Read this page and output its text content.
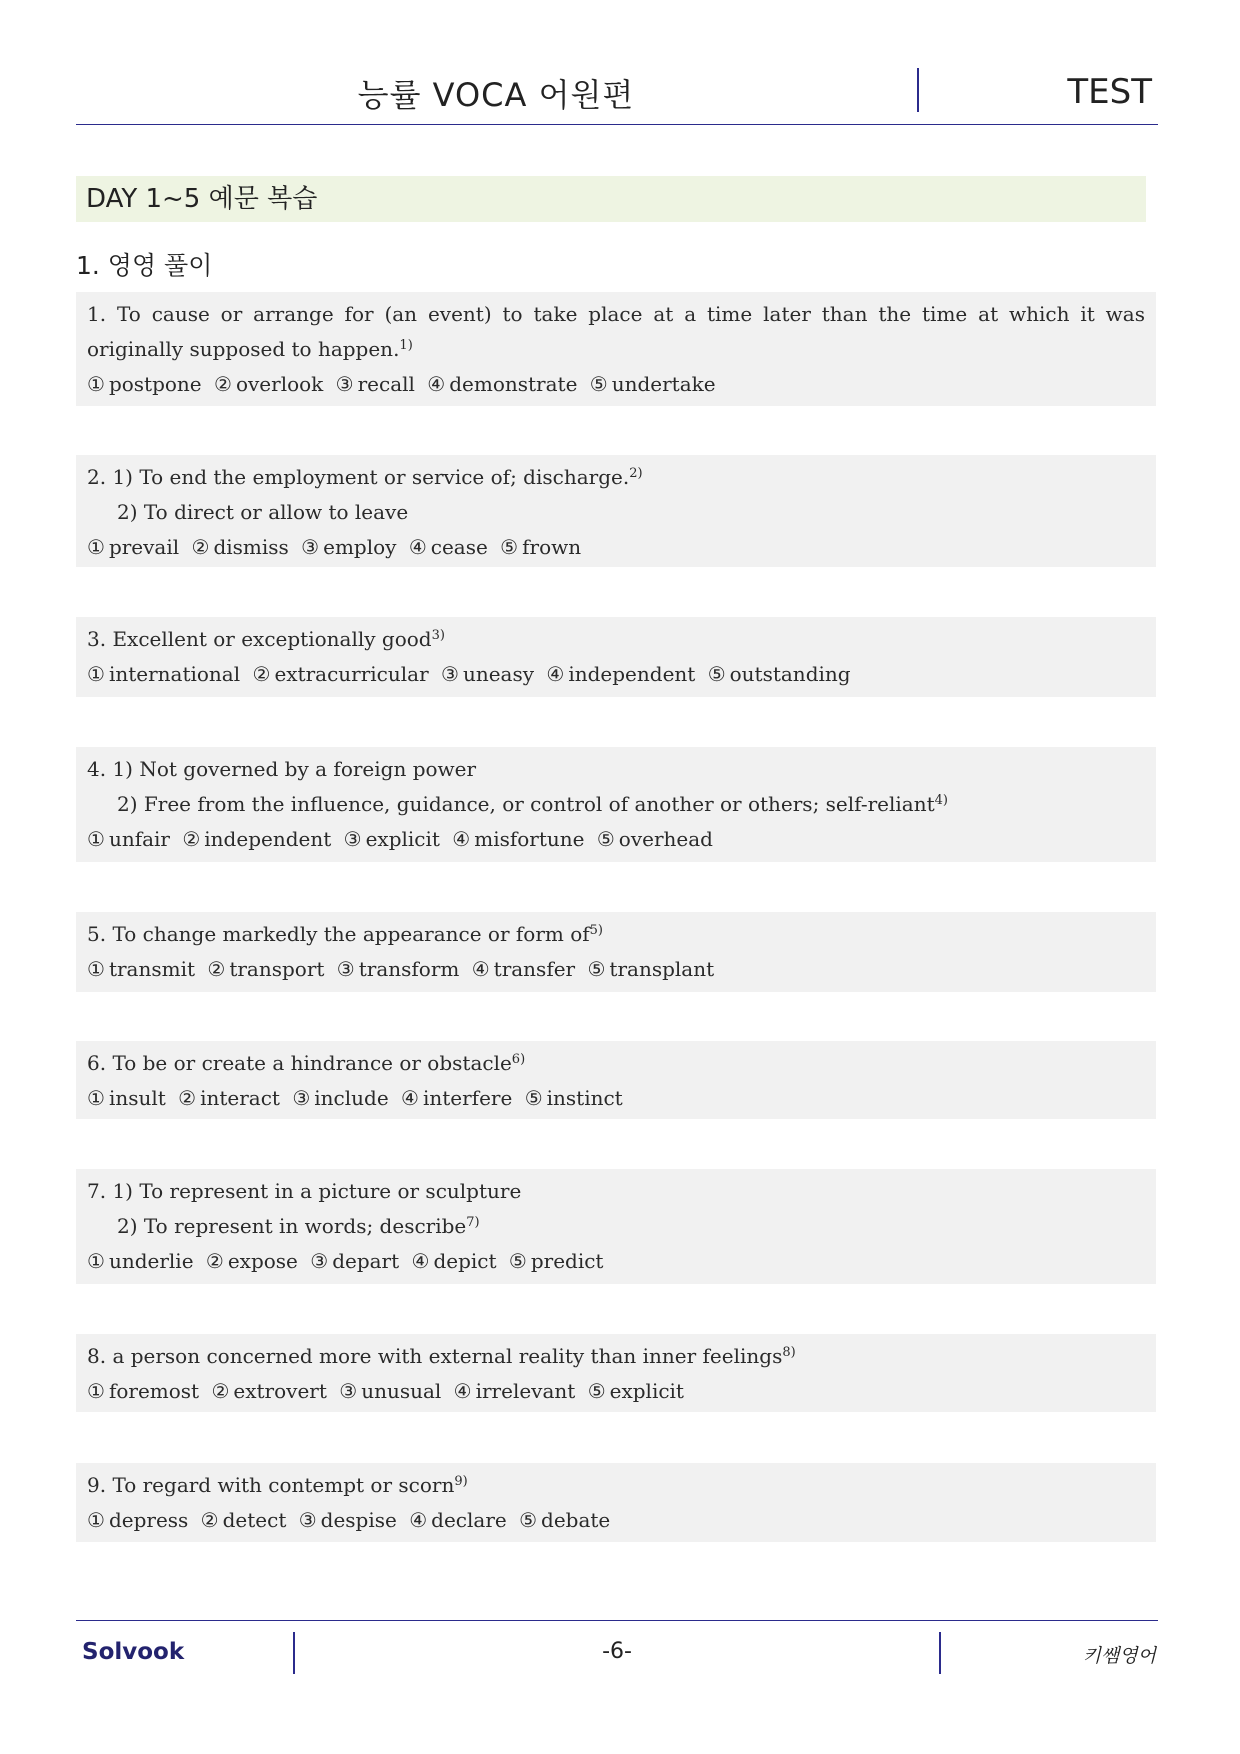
능률 VOCA 어원편	TEST
DAY 1~5 예문 복습
1. 영영 풀이
1. To cause or arrange for (an event) to take place at a time later than the time at which it was
originally supposed to happen.$^{1)}$
① postpone ② overlook ③ recall ④ demonstrate ⑤ undertake
2. 1) To end the employment or service of; discharge.$^{2)}$
2) To direct or allow to leave
① prevail ② dismiss ③ employ ④ cease ⑤ frown
3. Excellent or exceptionally good$^{3)}$
① international ② extracurricular ③ uneasy ④ independent ⑤ outstanding
4. 1) Not governed by a foreign power
2) Free from the influence, guidance, or control of another or others; self-reliant$^{4)}$
① unfair ② independent ③ explicit ④ misfortune ⑤ overhead
5. To change markedly the appearance or form $of^{5)}$
① transmit ② transport ③ transform ④ transfer ⑤ transplant
6. To be or create a hindrance or obstacle$^{6)}$
① insult ② interact ③ include ④ interfere ⑤ instinct
7. 1) To represent in a picture or sculpture
2) To represent in words; describe$^{7)}$
① underlie ② expose ③ depart ④ depict ⑤ predict
8. a person concerned more with external reality than inner feelings$^{8)}$
① foremost ② extrovert ③ unusual ④ irrelevant ⑤ explicit
9. To regard with contempt or scorn$^{9)}$
① depress ② detect ③ despise ④ declare ⑤ debate
Solvook	-6-	키쌤영어
